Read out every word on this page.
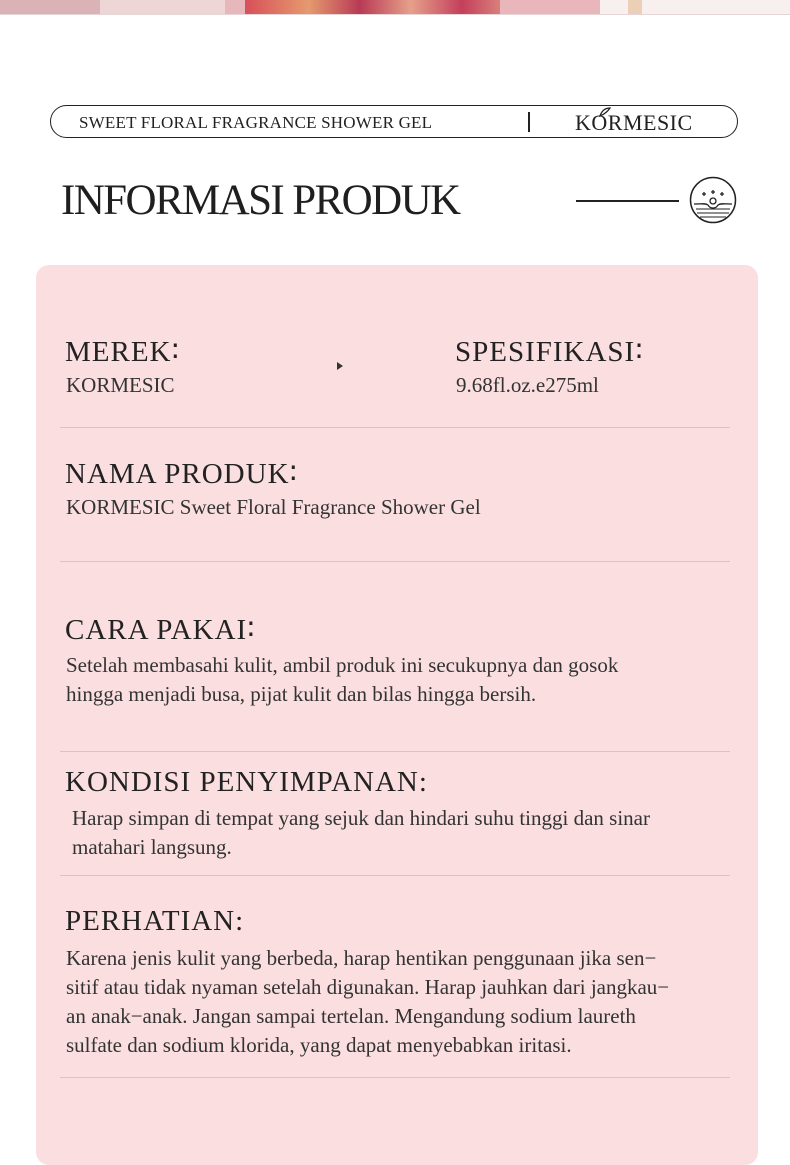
SWEET FLORAL FRAGRANCE SHOWER GEL	KORMESIC
INFORMASI PRODUK
MEREK∶
KORMESIC
SPESIFIKASI∶
9.68fl.oz.e275ml
NAMA PRODUK∶
KORMESIC Sweet Floral Fragrance Shower Gel
CARA PAKAI∶
Setelah membasahi kulit, ambil produk ini secukupnya dan gosok
hingga menjadi busa, pijat kulit dan bilas hingga bersih.
KONDISI PENYIMPANAN:
Harap simpan di tempat yang sejuk dan hindari suhu tinggi dan sinar
matahari langsung.
PERHATIAN:
Karena jenis kulit yang berbeda, harap hentikan penggunaan jika sen−
sitif atau tidak nyaman setelah digunakan. Harap jauhkan dari jangkau−
an anak−anak. Jangan sampai tertelan. Mengandung sodium laureth
sulfate dan sodium klorida, yang dapat menyebabkan iritasi.
